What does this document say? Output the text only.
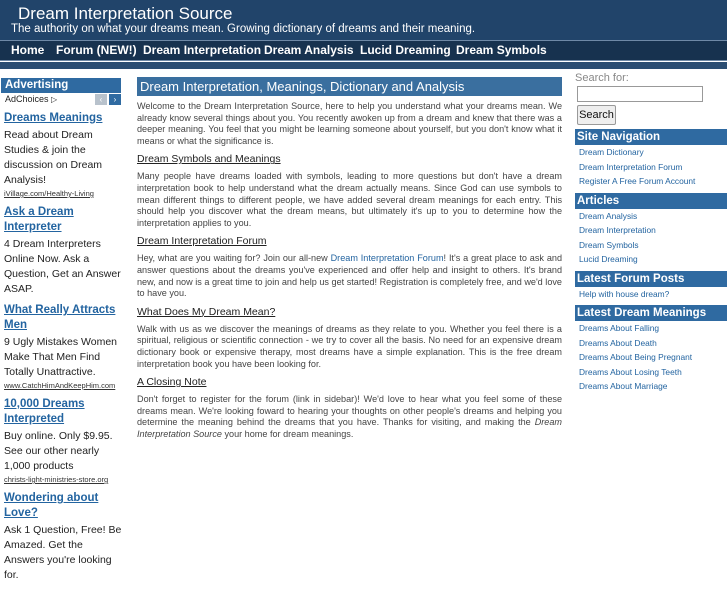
Dream Interpretation Source
The authority on what your dreams mean. Growing dictionary of dreams and their meaning.
Home Forum (NEW!) Dream Interpretation Dream Analysis Lucid Dreaming Dream Symbols
Advertising
AdChoices ▷	‹	›
Dreams Meanings
Read about Dream Studies & join the discussion on Dream Analysis!
iVillage.com/Healthy-Living
Ask a Dream Interpreter
4 Dream Interpreters Online Now. Ask a Question, Get an Answer ASAP.
What Really Attracts Men
9 Ugly Mistakes Women Make That Men Find Totally Unattractive.
www.CatchHimAndKeepHim.com
10,000 Dreams Interpreted
Buy online. Only $9.95. See our other nearly 1,000 products
christs-light-ministries-store.org
Wondering about Love?
Ask 1 Question, Free! Be Amazed. Get the Answers you're looking for.
Dream Interpretation, Meanings, Dictionary and Analysis

Welcome to the Dream Interpretation Source, here to help you understand what your dreams mean. We already know several things about you. You recently awoken up from a dream and knew that there was a deeper meaning. You feel that you might be learning someone about yourself, but you don't know what it means or what the significance is.

Dream Symbols and Meanings

Many people have dreams loaded with symbols, leading to more questions but don't have a dream interpretation book to help understand what the dream actually means. Since God can use symbols to mean different things to different people, we have added several dream meanings for each entry. This should help you discover what the dream means, but ultimately it's up to you to determine how the interpretation applies to you.

Dream Interpretation Forum

Hey, what are you waiting for? Join our all-new Dream Interpretation Forum! It's a great place to ask and answer questions about the dreams you've experienced and offer help and insight to others. It's brand new, and now is a great time to join and help us get started! Registration is completely free, and we'd love to have you.

What Does My Dream Mean?

Walk with us as we discover the meanings of dreams as they relate to you. Whether you feel there is a spiritual, religious or scientific connection - we try to cover all the basis. No need for an expensive dream dictionary book or expensive therapy, most dreams have a simple explanation. This is the free dream interpretation book you have been looking for.

A Closing Note

Don't forget to register for the forum (link in sidebar)! We'd love to hear what you feel some of these dreams mean. We're looking foward to hearing your thoughts on other people's dreams and helping you determine the meaning behind the dreams that you have. Thanks for visiting, and making the Dream Interpretation Source your home for dream meanings.

Search for:
Search
Site Navigation
Dream Dictionary
Dream Interpretation Forum
Register A Free Forum Account
Articles
Dream Analysis
Dream Interpretation
Dream Symbols
Lucid Dreaming
Latest Forum Posts
Help with house dream?
Latest Dream Meanings
Dreams About Falling
Dreams About Death
Dreams About Being Pregnant
Dreams About Losing Teeth
Dreams About Marriage
